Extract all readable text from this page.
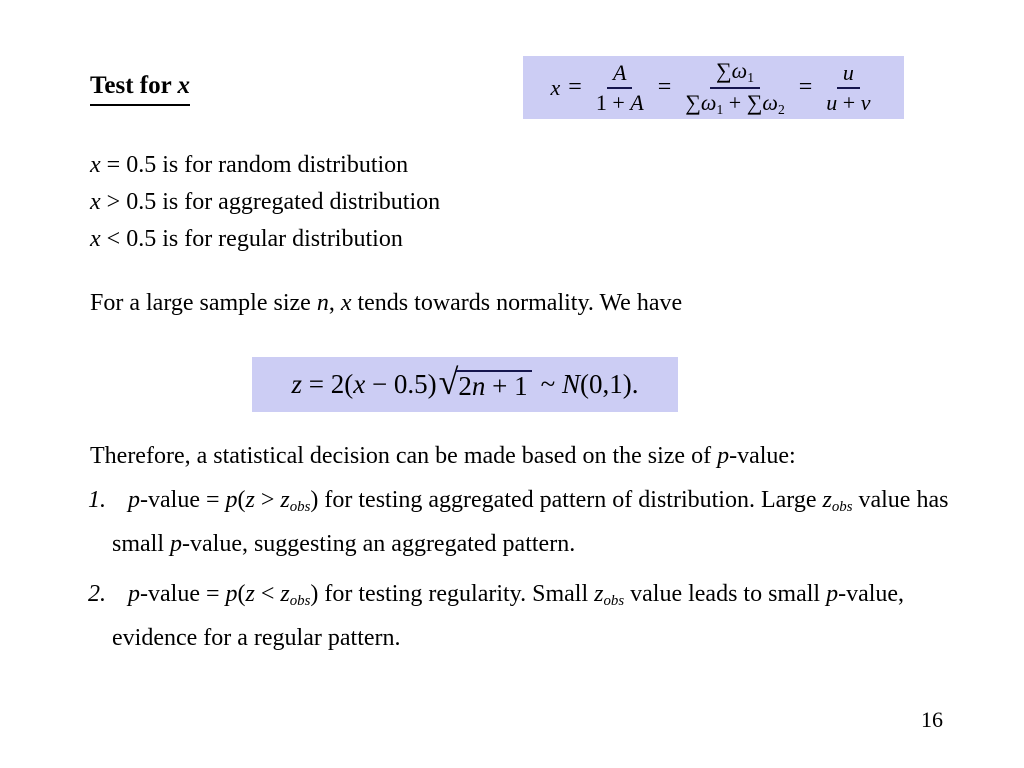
Test for x	$x = \frac{A}{1 + A} = \frac{\sum\omega 1}{\sum\omega 1 + \sum\omega 2} = \frac{u}{u + v}$
x = 0.5 is for random distribution
x > 0.5 is for aggregated distribution
x < 0.5 is for regular distribution

For a large sample size n, x tends towards normality. We have

z = 2(x − 0.5) √ 2n + 1 ~ N(0,1).

Therefore, a statistical decision can be made based on the size of p-value:

1. p-value = p(z > zobs) for testing aggregated pattern of distribution. Large zobs value has small p-value, suggesting an aggregated pattern.
2. p-value = p(z < zobs) for testing regularity. Small zobs value leads to small p-value, evidence for a regular pattern.
16
